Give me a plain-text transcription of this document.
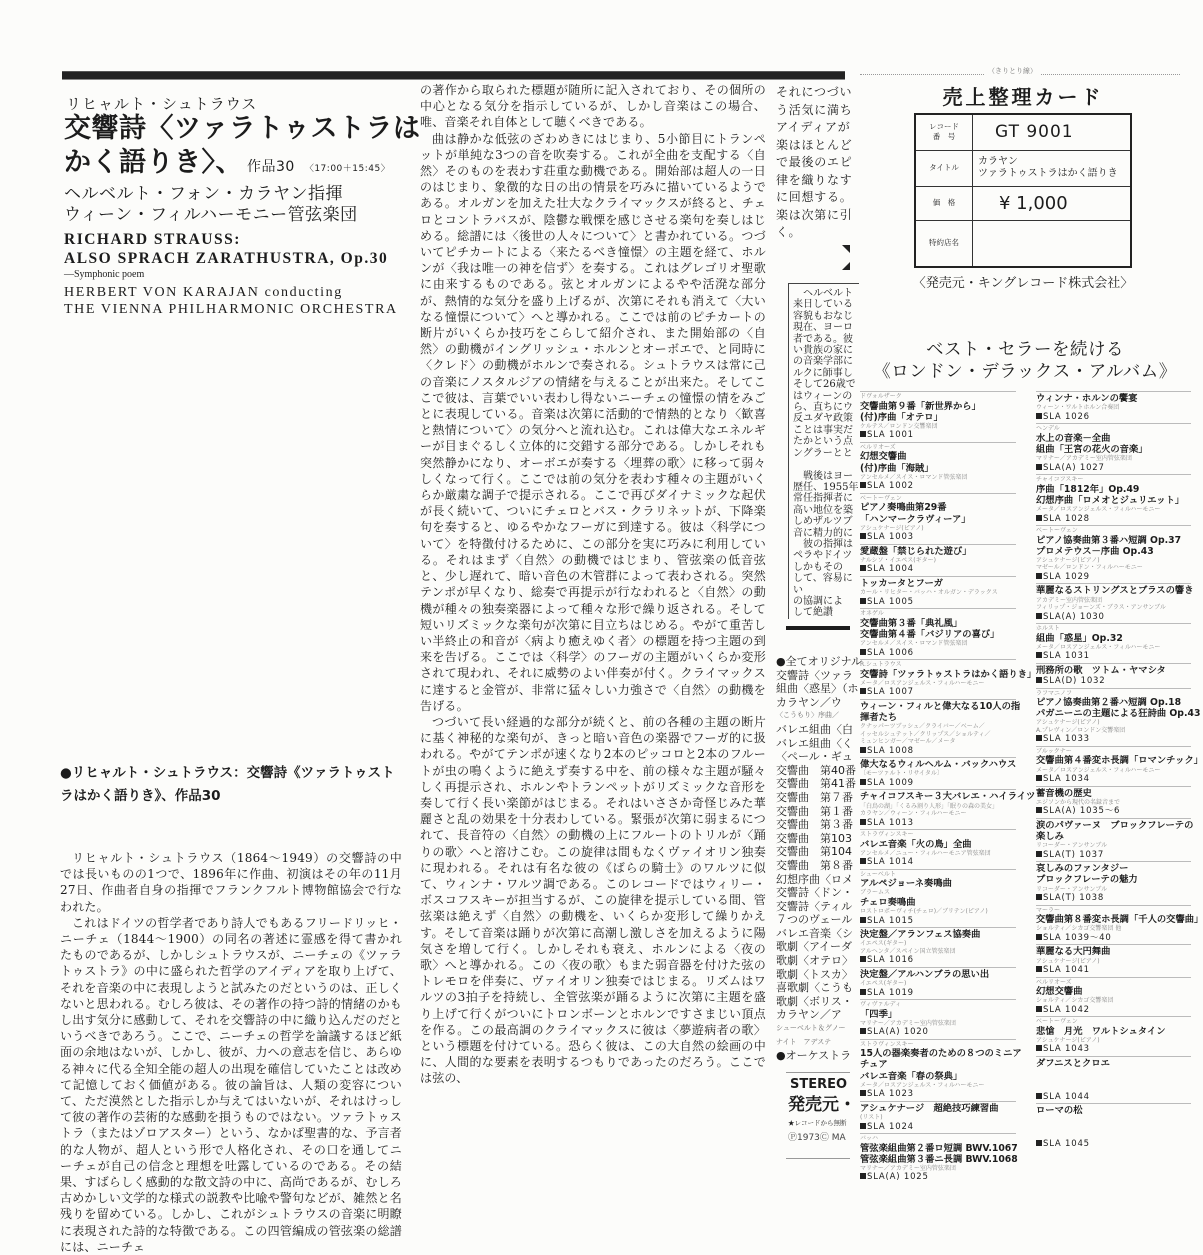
リヒャルト・シュトラウス
交響詩〈ツァラトゥストラは
かく語りき〉、 作品30 〈17:00＋15:45〉
ヘルベルト・フォン・カラヤン指揮
ウィーン・フィルハーモニー管弦楽団
RICHARD STRAUSS:
ALSO SPRACH ZARATHUSTRA, Op.30
—Symphonic poem
HERBERT VON KARAJAN conducting
THE VIENNA PHILHARMONIC ORCHESTRA
●リヒャルト・シュトラウス：交響詩《ツァラトゥストラはかく語りき》、作品30

リヒャルト・シュトラウス（1864～1949）の交響詩の中では長いものの1つで、1896年に作曲、初演はその年の11月27日、作曲者自身の指揮でフランクフルト博物館協会で行なわれた。

これはドイツの哲学者であり詩人でもあるフリードリッヒ・ニーチェ（1844～1900）の同名の著述に霊感を得て書かれたものであるが、しかしシュトラウスが、ニーチェの《ツァラトゥストラ》の中に盛られた哲学のアイディアを取り上げて、それを音楽の中に表現しようと試みたのだというのは、正しくないと思われる。むしろ彼は、その著作の持つ詩的情緒のかもし出す気分に感動して、それを交響詩の中に織り込んだのだというべきであろう。ここで、ニーチェの哲学を論議するほど紙面の余地はないが、しかし、彼が、力への意志を信じ、あらゆる神々に代る全知全能の超人の出現を確信していたことは改めて記憶しておく価値がある。彼の論旨は、人類の変容について、ただ漠然とした指示しか与えてはいないが、それはけっして彼の著作の芸術的な感動を損うものではない。ツァラトゥストラ（またはゾロアスター）という、なかば聖書的な、予言者的な人物が、超人という形で人格化され、その口を通してニーチェが自己の信念と理想を吐露しているのである。その結果、すばらしく感動的な散文詩の中に、高尚であるが、むしろ古めかしい文学的な様式の説教や比喩や警句などが、雑然と名残りを留めている。しかし、これがシュトラウスの音楽に明瞭に表現された詩的な特徴である。この四管編成の管弦楽の総譜には、ニーチェ

の著作から取られた標題が随所に記入されており、その個所の中心となる気分を指示しているが、しかし音楽はこの場合、唯、音楽それ自体として聴くべきである。

曲は静かな低弦のざわめきにはじまり、5小節目にトランペットが単純な3つの音を吹奏する。これが全曲を支配する〈自然〉そのものを表わす荘重な動機である。開始部は超人の一日のはじまり、象徴的な日の出の情景を巧みに描いているようである。オルガンを加えた壮大なクライマックスが終ると、チェロとコントラバスが、陰鬱な戦慄を感じさせる楽句を奏しはじめる。総譜には〈後世の人々について〉と書かれている。つづいてピチカートによる〈来たるべき憧憬〉の主題を経て、ホルンが〈我は唯一の神を信ず〉を奏する。これはグレゴリオ聖歌に由来するものである。弦とオルガンによるやや活溌な部分が、熱情的な気分を盛り上げるが、次第にそれも消えて〈大いなる憧憬について〉へと導かれる。ここでは前のピチカートの断片がいくらか技巧をこらして紹介され、また開始部の〈自然〉の動機がイングリッシュ・ホルンとオーボエで、と同時に〈クレド〉の動機がホルンで奏される。シュトラウスは常に己の音楽にノスタルジアの情緒を与えることが出来た。そしてここで彼は、言葉でいい表わし得ないニーチェの憧憬の情をみごとに表現している。音楽は次第に活動的で情熱的となり〈歓喜と熱情について〉の気分へと流れ込む。これは偉大なエネルギーが目まぐるしく立体的に交錯する部分である。しかしそれも突然静かになり、オーボエが奏する〈埋葬の歌〉に移って弱々しくなって行く。ここでは前の気分を表わす種々の主題がいくらか厳粛な調子で提示される。ここで再びダイナミックな起伏が長く続いて、ついにチェロとバス・クラリネットが、下降楽句を奏すると、ゆるやかなフーガに到達する。彼は〈科学について〉を特徴付けるために、この部分を実に巧みに利用している。それはまず〈自然〉の動機ではじまり、管弦楽の低音弦と、少し遅れて、暗い音色の木管群によって表わされる。突然テンポが早くなり、総奏で再提示が行なわれると〈自然〉の動機が種々の独奏楽器によって種々な形で繰り返される。そして短いリズミックな楽句が次第に目立ちはじめる。やがて重苦しい半終止の和音が〈病より癒えゆく者〉の標題を持つ主題の到来を告げる。ここでは〈科学〉のフーガの主題がいくらか変形されて現われ、それに威勢のよい伴奏が付く。クライマックスに達すると金管が、非常に猛々しい力強さで〈自然〉の動機を告げる。

つづいて長い経過的な部分が続くと、前の各種の主題の断片に基く神秘的な楽句が、きっと暗い音色の楽器でフーガ的に扱われる。やがてテンポが速くなり2本のピッコロと2本のフルートが虫の鳴くように絶えず奏する中を、前の様々な主題が騒々しく再提示され、ホルンやトランペットがリズミックな音形を奏して行く長い楽節がはじまる。それはいささか奇怪じみた華麗さと乱の効果を十分表わしている。緊張が次第に弱まるにつれて、長音符の〈自然〉の動機の上にフルートのトリルが〈踊りの歌〉へと溶けこむ。この旋律は間もなくヴァイオリン独奏に現われる。それは有名な彼の《ばらの騎士》のワルツに似て、ウィンナ・ワルツ調である。このレコードではウィリー・ボスコフスキーが担当するが、この旋律を提示している間、管弦楽は絶えず〈自然〉の動機を、いくらか変形して繰りかえす。そして音楽は踊りが次第に高潮し激しさを加えるように陽気さを増して行く。しかしそれも衰え、ホルンによる〈夜の歌〉へと導かれる。この〈夜の歌〉もまた弱音器を付けた弦のトレモロを伴奏に、ヴァイオリン独奏ではじまる。リズムはワルツの3拍子を持続し、全管弦楽が踊るように次第に主題を盛り上げて行くがついにトロンボーンとホルンですさまじい頂点を作る。この最高調のクライマックスに彼は〈夢遊病者の歌〉という標題を付けている。恐らく彼は、この大自然の絵画の中に、人間的な要素を表明するつもりであったのだろう。ここでは弦の、

それにつづい
う活気に満ち
アイディアが
楽はほとんど
で最後のエピ
律を織りなす
に回想する。
楽は次第に引
く。
　ヘルベルト
来日している
容貌もおなじ
現在、ヨーロ
者である。彼
い貴族の家に
の音楽学部に
ルクに師事し
そして26歳で
はウィーンの
ら、直ちにウ
反ユダヤ政策
ことは事実だ
たかという点
ングラーとと

　戦後はヨー
歴任、1955年
常任指揮者に
高い地位を築
しめザルツブ
音に精力的に
　彼の指揮は
ペラやドイツ
しかもその
して、容易に
い
の協調によ
して絶讃
●全てオリジナル
交響詩〈ツァラ
組曲〈惑星〉（ホ
カラヤン／ウ
〈こうもり〉序曲／
バレエ組曲〈白
バレエ組曲〈く
〈ペール・ギュ
交響曲　第40番
交響曲　第41番
交響曲　第７番
交響曲　第１番
交響曲　第３番
交響曲　第103
交響曲　第104
交響曲　第８番
幻想序曲〈ロメ
交響詩〈ドン・
交響詩〈ティル
７つのヴェール
バレエ音楽〈シ
歌劇〈アイーダ
歌劇〈オテロ〉
歌劇〈トスカ〉
喜歌劇〈こうも
歌劇〈ボリス・
カラヤン／ア
シューベルト＆グノー
ナイト　アデステ
●オーケストラ
STEREO
発売元・
★レコードから無断
Ⓟ1973Ⓒ MA
（きりとり線）
売上整理カード
レコード
番　号	GT 9001
タイトル	カラヤン
ツァラトゥストラはかく語りき
価　格	¥ 1,000
特約店名	
〈発売元・キングレコード株式会社〉
ベスト・セラーを続ける
《ロンドン・デラックス・アルバム》
ドヴォルザーク
交響曲第９番「新世界から」
(付)序曲「オテロ」
ケルテス／ロンドン交響楽団
SLA 1001
ベルリオーズ
幻想交響曲
(付)序曲「海賊」
アンセルメ／スイス・ロマンド管弦楽団
SLA 1002
ベートーヴェン
ピアノ奏鳴曲第29番
「ハンマークラヴィーア」
アシュケナージ(ピアノ)
SLA 1003
愛蔵盤「禁じられた遊び」
ナルシソ・イエペス(ギター)
SLA 1004
トッカータとフーガ
カール・リヒター・バッハ・オルガン・デラックス
SLA 1005
オネゲル
交響曲第３番「典礼風」
交響曲第４番「バジリアの喜び」
アンセルメ／スイス・ロマンド管弦楽団
SLA 1006
R.シュトラウス
交響詩「ツァラトゥストラはかく語りき」
メータ／ロスアンジェルス・フィルハーモニー
SLA 1007
ウィーン・フィルと偉大なる10人の指
揮者たち
クナッパーツブッシュ／クライバー／ベーム／
イッセルシュテット／クリップス／ショルティ／
ミュンヒンガー／マゼール／メータ
SLA 1008
偉大なるウィルヘルム・バックハウス
〔モーツァルト・リサイタル〕
SLA 1009
チャイコフスキー３大バレエ・ハイライツ
「白鳥の湖」「くるみ割り人形」「眠りの森の美女」
カラヤン／ウィーン・フィルハーモニー
SLA 1013
ストラヴィンスキー
バレエ音楽「火の鳥」全曲
アンセルメ／ニュー・フィルハーモニア管弦楽団
SLA 1014
シューベルト
アルペジョーネ奏鳴曲
ブラームス
チェロ奏鳴曲
ロストロポーヴィチ(チェロ)／ブリテン(ピアノ)
SLA 1015
決定盤／アランフェス協奏曲
イエペス(ギター)
アルヘンタ／スペイン国立管弦楽団
SLA 1016
決定盤／アルハンブラの思い出
イエペス(ギター)
SLA 1019
ヴィヴァルディ
「四季」
マリナー／アカデミー室内管弦楽団
SLA(A) 1020
ストラヴィンスキー
15人の器楽奏者のための８つのミニア
チュア
バレエ音楽「春の祭典」
メータ／ロスアンジェルス・フィルハーモニー
SLA 1023
アシュケナージ　超絶技巧練習曲
(リスト)
SLA 1024
バッハ
管弦楽組曲第２番ロ短調 BWV.1067
管弦楽組曲第３番ニ長調 BWV.1068
マリナー／アカデミー室内管弦楽団
SLA(A) 1025
ウィンナ・ホルンの饗宴
ウィーン・ワルトホルン合奏団
SLA 1026
ヘンデル
水上の音楽－全曲
組曲「王宮の花火の音楽」
マリナー／アカデミー室内管弦楽団
SLA(A) 1027
チャイコフスキー
序曲「1812年」Op.49
幻想序曲「ロメオとジュリエット」
メータ／ロスアンジェルス・フィルハーモニー
SLA 1028
ベートーヴェン
ピアノ協奏曲第３番ハ短調 Op.37
プロメテウス－序曲 Op.43
アシュケナージ(ピアノ)
マゼール／ロンドン・フィルハーモニー
SLA 1029
華麗なるストリングスとブラスの響き
アカデミー室内管弦楽団
フィリップ・ジョーンズ・ブラス・アンサンブル
SLA(A) 1030
ホルスト
組曲「惑星」Op.32
メータ／ロスアンジェルス・フィルハーモニー
SLA 1031
刑務所の歌　ツトム・ヤマシタ
SLA(D) 1032
ラフマニノフ
ピアノ協奏曲第２番ハ短調 Op.18
パガニーニの主題による狂詩曲 Op.43
アシュケナージ(ピアノ)
A.プレヴィン／ロンドン交響楽団
SLA 1033
ブルックナー
交響曲第４番変ホ長調「ロマンチック」
メータ／ロスアンジェルス・フィルハーモニー
SLA 1034
蓄音機の歴史
エジソンから現代の名録音まで
SLA(A) 1035～6
涙のパヴァーヌ　ブロックフレーテの
楽しみ
リコーダー・アンサンブル
SLA(T) 1037
哀しみのファンタジー
ブロックフレーテの魅力
リコーダー・アンサンブル
SLA(T) 1038
マーラー
交響曲第８番変ホ長調「千人の交響曲」
ショルティ／シカゴ交響楽団 他
SLA 1039～40
華麗なる大円舞曲
アシュケナージ(ピアノ)
SLA 1041
ベルリオーズ
幻想交響曲
ショルティ／シカゴ交響楽団
SLA 1042
ベートーヴェン
悲愴　月光　ワルトシュタイン
アシュケナージ(ピアノ)
SLA 1043
ダフニスとクロエ

SLA 1044
ローマの松

SLA 1045
